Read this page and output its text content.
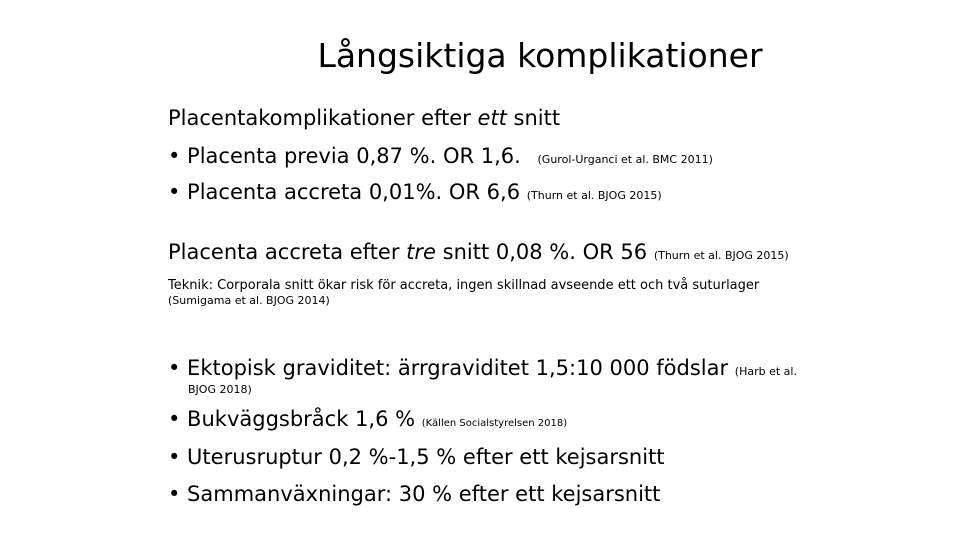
Långsiktiga komplikationer
Placentakomplikationer efter ett snitt
• Placenta previa 0,87 %. OR 1,6. (Gurol-Urganci et al. BMC 2011)
• Placenta accreta 0,01%. OR 6,6 (Thurn et al. BJOG 2015)
Placenta accreta efter tre snitt 0,08 %. OR 56 (Thurn et al. BJOG 2015)
Teknik: Corporala snitt ökar risk för accreta, ingen skillnad avseende ett och två suturlager
(Sumigama et al. BJOG 2014)
• Ektopisk graviditet: ärrgraviditet 1,5:10 000 födslar (Harb et al.
BJOG 2018)
• Bukväggsbråck 1,6 % (Källen Socialstyrelsen 2018)
• Uterusruptur 0,2 %-1,5 % efter ett kejsarsnitt
• Sammanväxningar: 30 % efter ett kejsarsnitt
